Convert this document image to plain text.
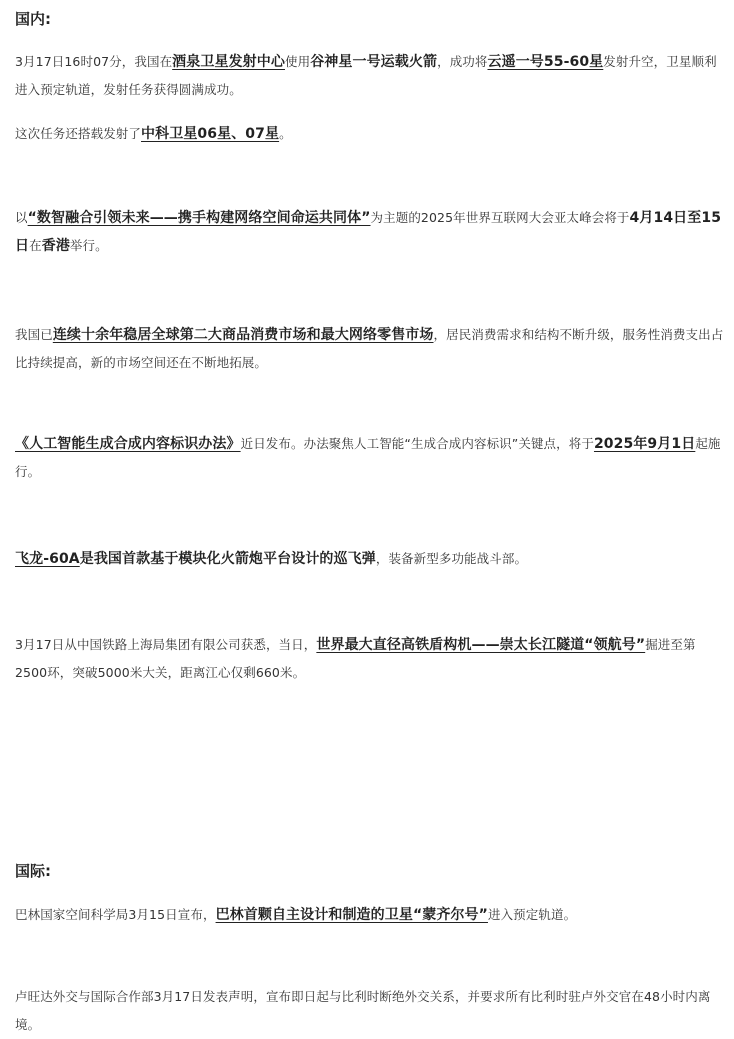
国内:

3月17日16时07分，我国在酒泉卫星发射中心使用谷神星一号运载火箭，成功将云遥一号55-60星发射升空，卫星顺利进入预定轨道，发射任务获得圆满成功。

这次任务还搭载发射了中科卫星06星、07星。

以“数智融合引领未来——携手构建网络空间命运共同体”为主题的2025年世界互联网大会亚太峰会将于4月14日至15日在香港举行。

我国已连续十余年稳居全球第二大商品消费市场和最大网络零售市场，居民消费需求和结构不断升级，服务性消费支出占比持续提高，新的市场空间还在不断地拓展。

《人工智能生成合成内容标识办法》近日发布。办法聚焦人工智能“生成合成内容标识”关键点，将于2025年9月1日起施行。

飞龙-60A是我国首款基于模块化火箭炮平台设计的巡飞弹，装备新型多功能战斗部。

3月17日从中国铁路上海局集团有限公司获悉，当日，世界最大直径高铁盾构机——崇太长江隧道“领航号”掘进至第2500环，突破5000米大关，距离江心仅剩660米。

国际:

巴林国家空间科学局3月15日宣布，巴林首颗自主设计和制造的卫星“蒙齐尔号”进入预定轨道。

卢旺达外交与国际合作部3月17日发表声明，宣布即日起与比利时断绝外交关系，并要求所有比利时驻卢外交官在48小时内离境。
